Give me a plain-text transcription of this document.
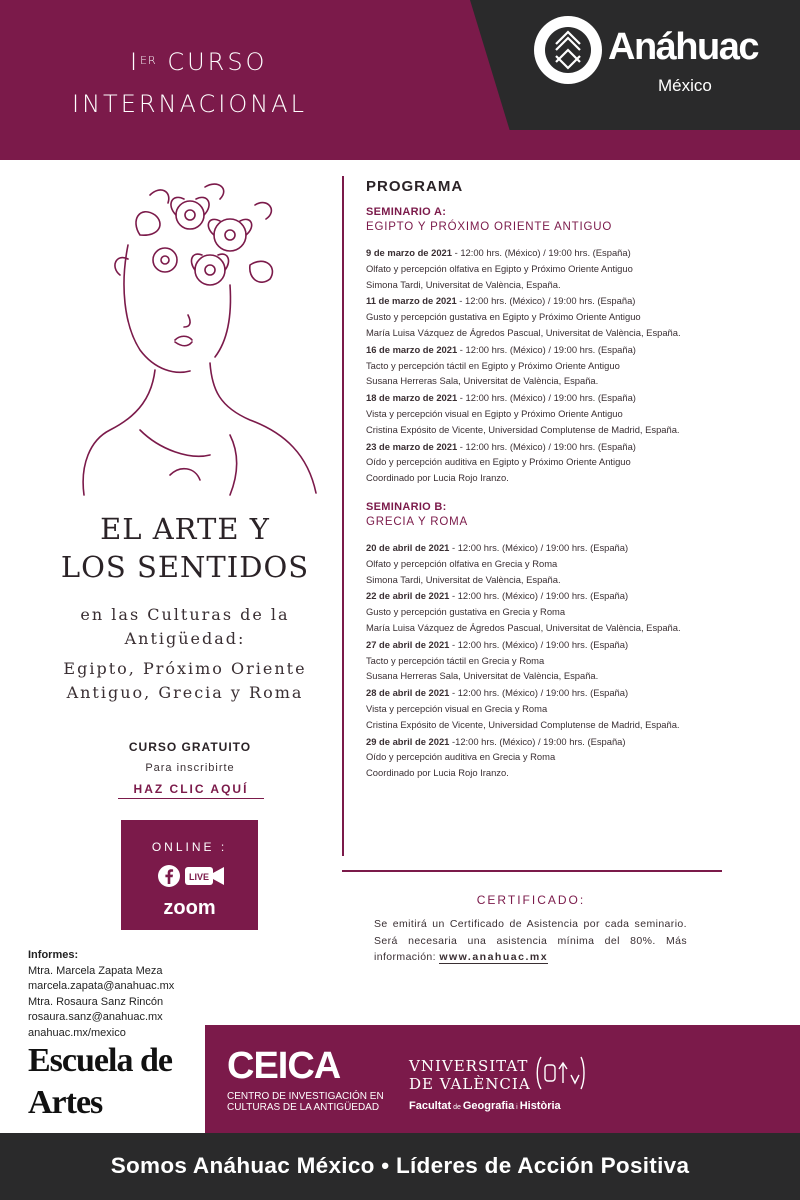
IER CURSO
INTERNACIONAL
Anáhuac
México
EL ARTE Y
LOS SENTIDOS
en las Culturas de la
Antigüedad:
Egipto, Próximo Oriente
Antiguo, Grecia y Roma
CURSO GRATUITO
Para inscribirte
HAZ CLIC AQUÍ
ONLINE :
LIVE
zoom
Informes:
Mtra. Marcela Zapata Meza
marcela.zapata@anahuac.mx
Mtra. Rosaura Sanz Rincón
rosaura.sanz@anahuac.mx
anahuac.mx/mexico
PROGRAMA
SEMINARIO A:
EGIPTO Y PRÓXIMO ORIENTE ANTIGUO
9 de marzo de 2021 - 12:00 hrs. (México) / 19:00 hrs. (España)
Olfato y percepción olfativa en Egipto y Próximo Oriente Antiguo
Simona Tardi, Universitat de València, España.
11 de marzo de 2021 - 12:00 hrs. (México) / 19:00 hrs. (España)
Gusto y percepción gustativa en Egipto y Próximo Oriente Antiguo
María Luisa Vázquez de Ágredos Pascual, Universitat de València, España.
16 de marzo de 2021 - 12:00 hrs. (México) / 19:00 hrs. (España)
Tacto y percepción táctil en Egipto y Próximo Oriente Antiguo
Susana Herreras Sala, Universitat de València, España.
18 de marzo de 2021 - 12:00 hrs. (México) / 19:00 hrs. (España)
Vista y percepción visual en Egipto y Próximo Oriente Antiguo
Cristina Expósito de Vicente, Universidad Complutense de Madrid, España.
23 de marzo de 2021 - 12:00 hrs. (México) / 19:00 hrs. (España)
Oído y percepción auditiva en Egipto y Próximo Oriente Antiguo
Coordinado por Lucia Rojo Iranzo.
SEMINARIO B:
GRECIA Y ROMA
20 de abril de 2021 - 12:00 hrs. (México) / 19:00 hrs. (España)
Olfato y percepción olfativa en Grecia y Roma
Simona Tardi, Universitat de València, España.
22 de abril de 2021 - 12:00 hrs. (México) / 19:00 hrs. (España)
Gusto y percepción gustativa en Grecia y Roma
María Luisa Vázquez de Ágredos Pascual, Universitat de València, España.
27 de abril de 2021 - 12:00 hrs. (México) / 19:00 hrs. (España)
Tacto y percepción táctil en Grecia y Roma
Susana Herreras Sala, Universitat de València, España.
28 de abril de 2021 - 12:00 hrs. (México) / 19:00 hrs. (España)
Vista y percepción visual en Grecia y Roma
Cristina Expósito de Vicente, Universidad Complutense de Madrid, España.
29 de abril de 2021 -12:00 hrs. (México) / 19:00 hrs. (España)
Oído y percepción auditiva en Grecia y Roma
Coordinado por Lucia Rojo Iranzo.
CERTIFICADO:
Se emitirá un Certificado de Asistencia por cada seminario. Será necesaria una asistencia mínima del 80%. Más información: www.anahuac.mx
Escuela de
Artes
CEICA
CENTRO DE INVESTIGACIÓN EN
CULTURAS DE LA ANTIGÜEDAD
VNIVERSITAT
DE VALÈNCIA
Facultat de Geografia i Història
Somos Anáhuac México • Líderes de Acción Positiva
